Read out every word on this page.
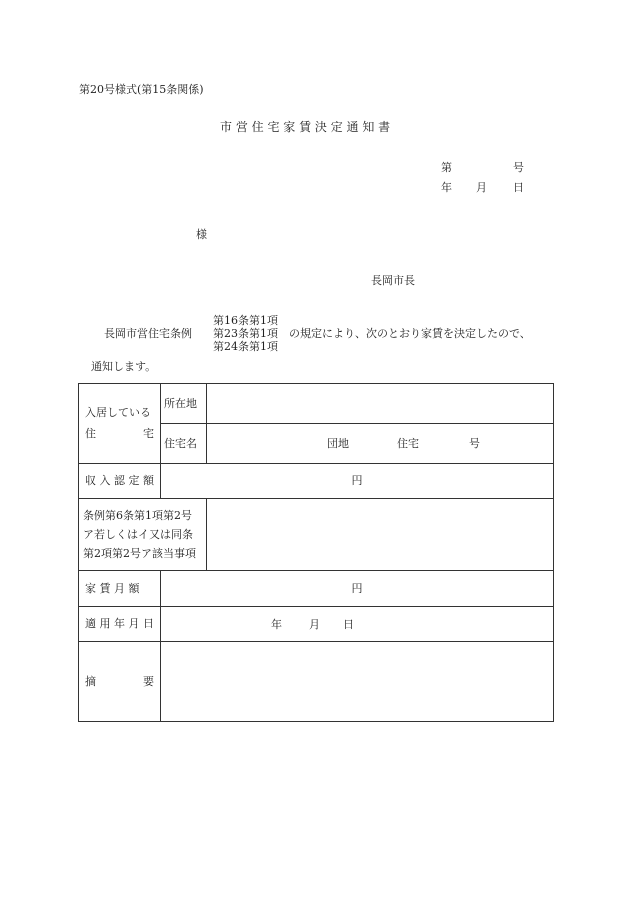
第20号様式(第15条関係)
市 営 住 宅 家 賃 決 定 通 知 書
第	号
年 月 日
様
長岡市長
長岡市営住宅条例
第16条第1項
第23条第1項
第24条第1項
の規定により、次のとおり家賃を決定したので、
通知します。
入居している
住 宅	所在地	
	住宅名	団地 住宅 号

収 入 認 定 額	円	

条例第6条第1項第2号
ア若しくはイ又は同条
第2項第2号ア該当事項		

家 賃 月 額	円	
適 用 年 月 日	年 月 日	

摘 要		
